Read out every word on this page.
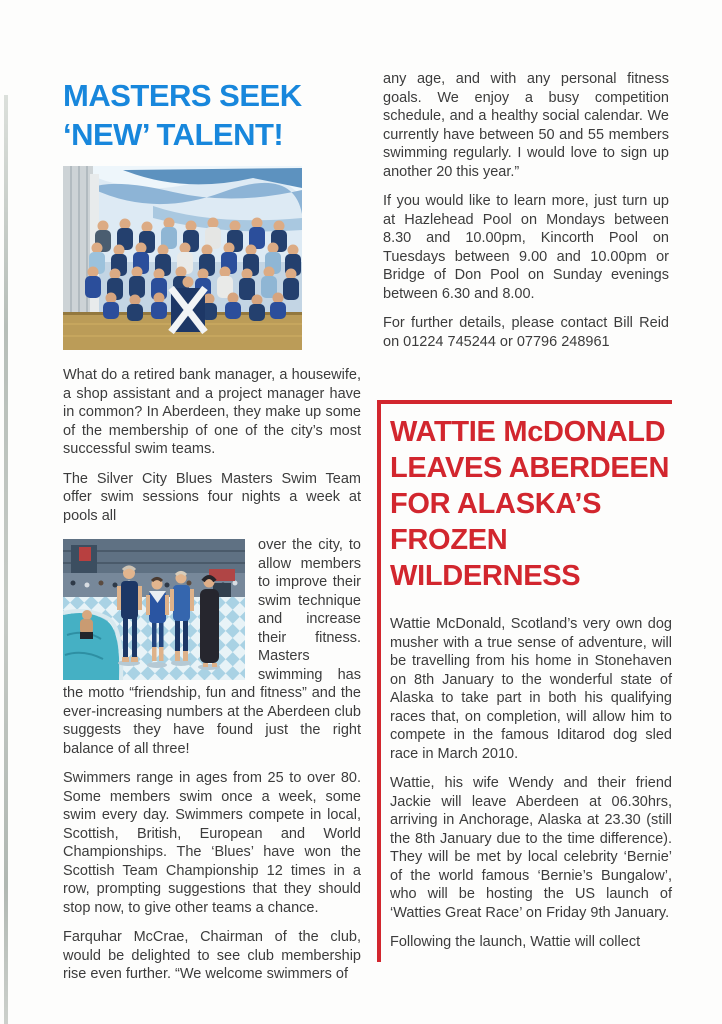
MASTERS SEEK
‘NEW’ TALENT!

What do a retired bank manager, a housewife, a shop assistant and a project manager have in common? In Aberdeen, they make up some of the membership of one of the city’s most successful swim teams.

The Silver City Blues Masters Swim Team offer swim sessions four nights a week at pools all

over the city, to allow members to improve their swim technique and increase their fitness. Masters swimming has the motto “friendship, fun and fitness” and the ever-increasing numbers at the Aberdeen club suggests they have found just the right balance of all three!

Swimmers range in ages from 25 to over 80. Some members swim once a week, some swim every day. Swimmers compete in local, Scottish, British, European and World Championships. The ‘Blues’ have won the Scottish Team Championship 12 times in a row, prompting suggestions that they should stop now, to give other teams a chance.

Farquhar McCrae, Chairman of the club, would be delighted to see club membership rise even further. “We welcome swimmers of

any age, and with any personal fitness goals. We enjoy a busy competition schedule, and a healthy social calendar. We currently have between 50 and 55 members swimming regularly. I would love to sign up another 20 this year.”

If you would like to learn more, just turn up at Hazlehead Pool on Mondays between 8.30 and 10.00pm, Kincorth Pool on Tuesdays between 9.00 and 10.00pm or Bridge of Don Pool on Sunday evenings between 6.30 and 8.00.

For further details, please contact Bill Reid on 01224 745244 or 07796 248961

WATTIE McDONALD
LEAVES ABERDEEN
FOR ALASKA’S
FROZEN
WILDERNESS

Wattie McDonald, Scotland’s very own dog musher with a true sense of adventure, will be travelling from his home in Stonehaven on 8th January to the wonderful state of Alaska to take part in both his qualifying races that, on completion, will allow him to compete in the famous Iditarod dog sled race in March 2010.

Wattie, his wife Wendy and their friend Jackie will leave Aberdeen at 06.30hrs, arriving in Anchorage, Alaska at 23.30 (still the 8th January due to the time difference). They will be met by local celebrity ‘Bernie’ of the world famous ‘Bernie’s Bungalow’, who will be hosting the US launch of ‘Watties Great Race’ on Friday 9th January.

Following the launch, Wattie will collect
